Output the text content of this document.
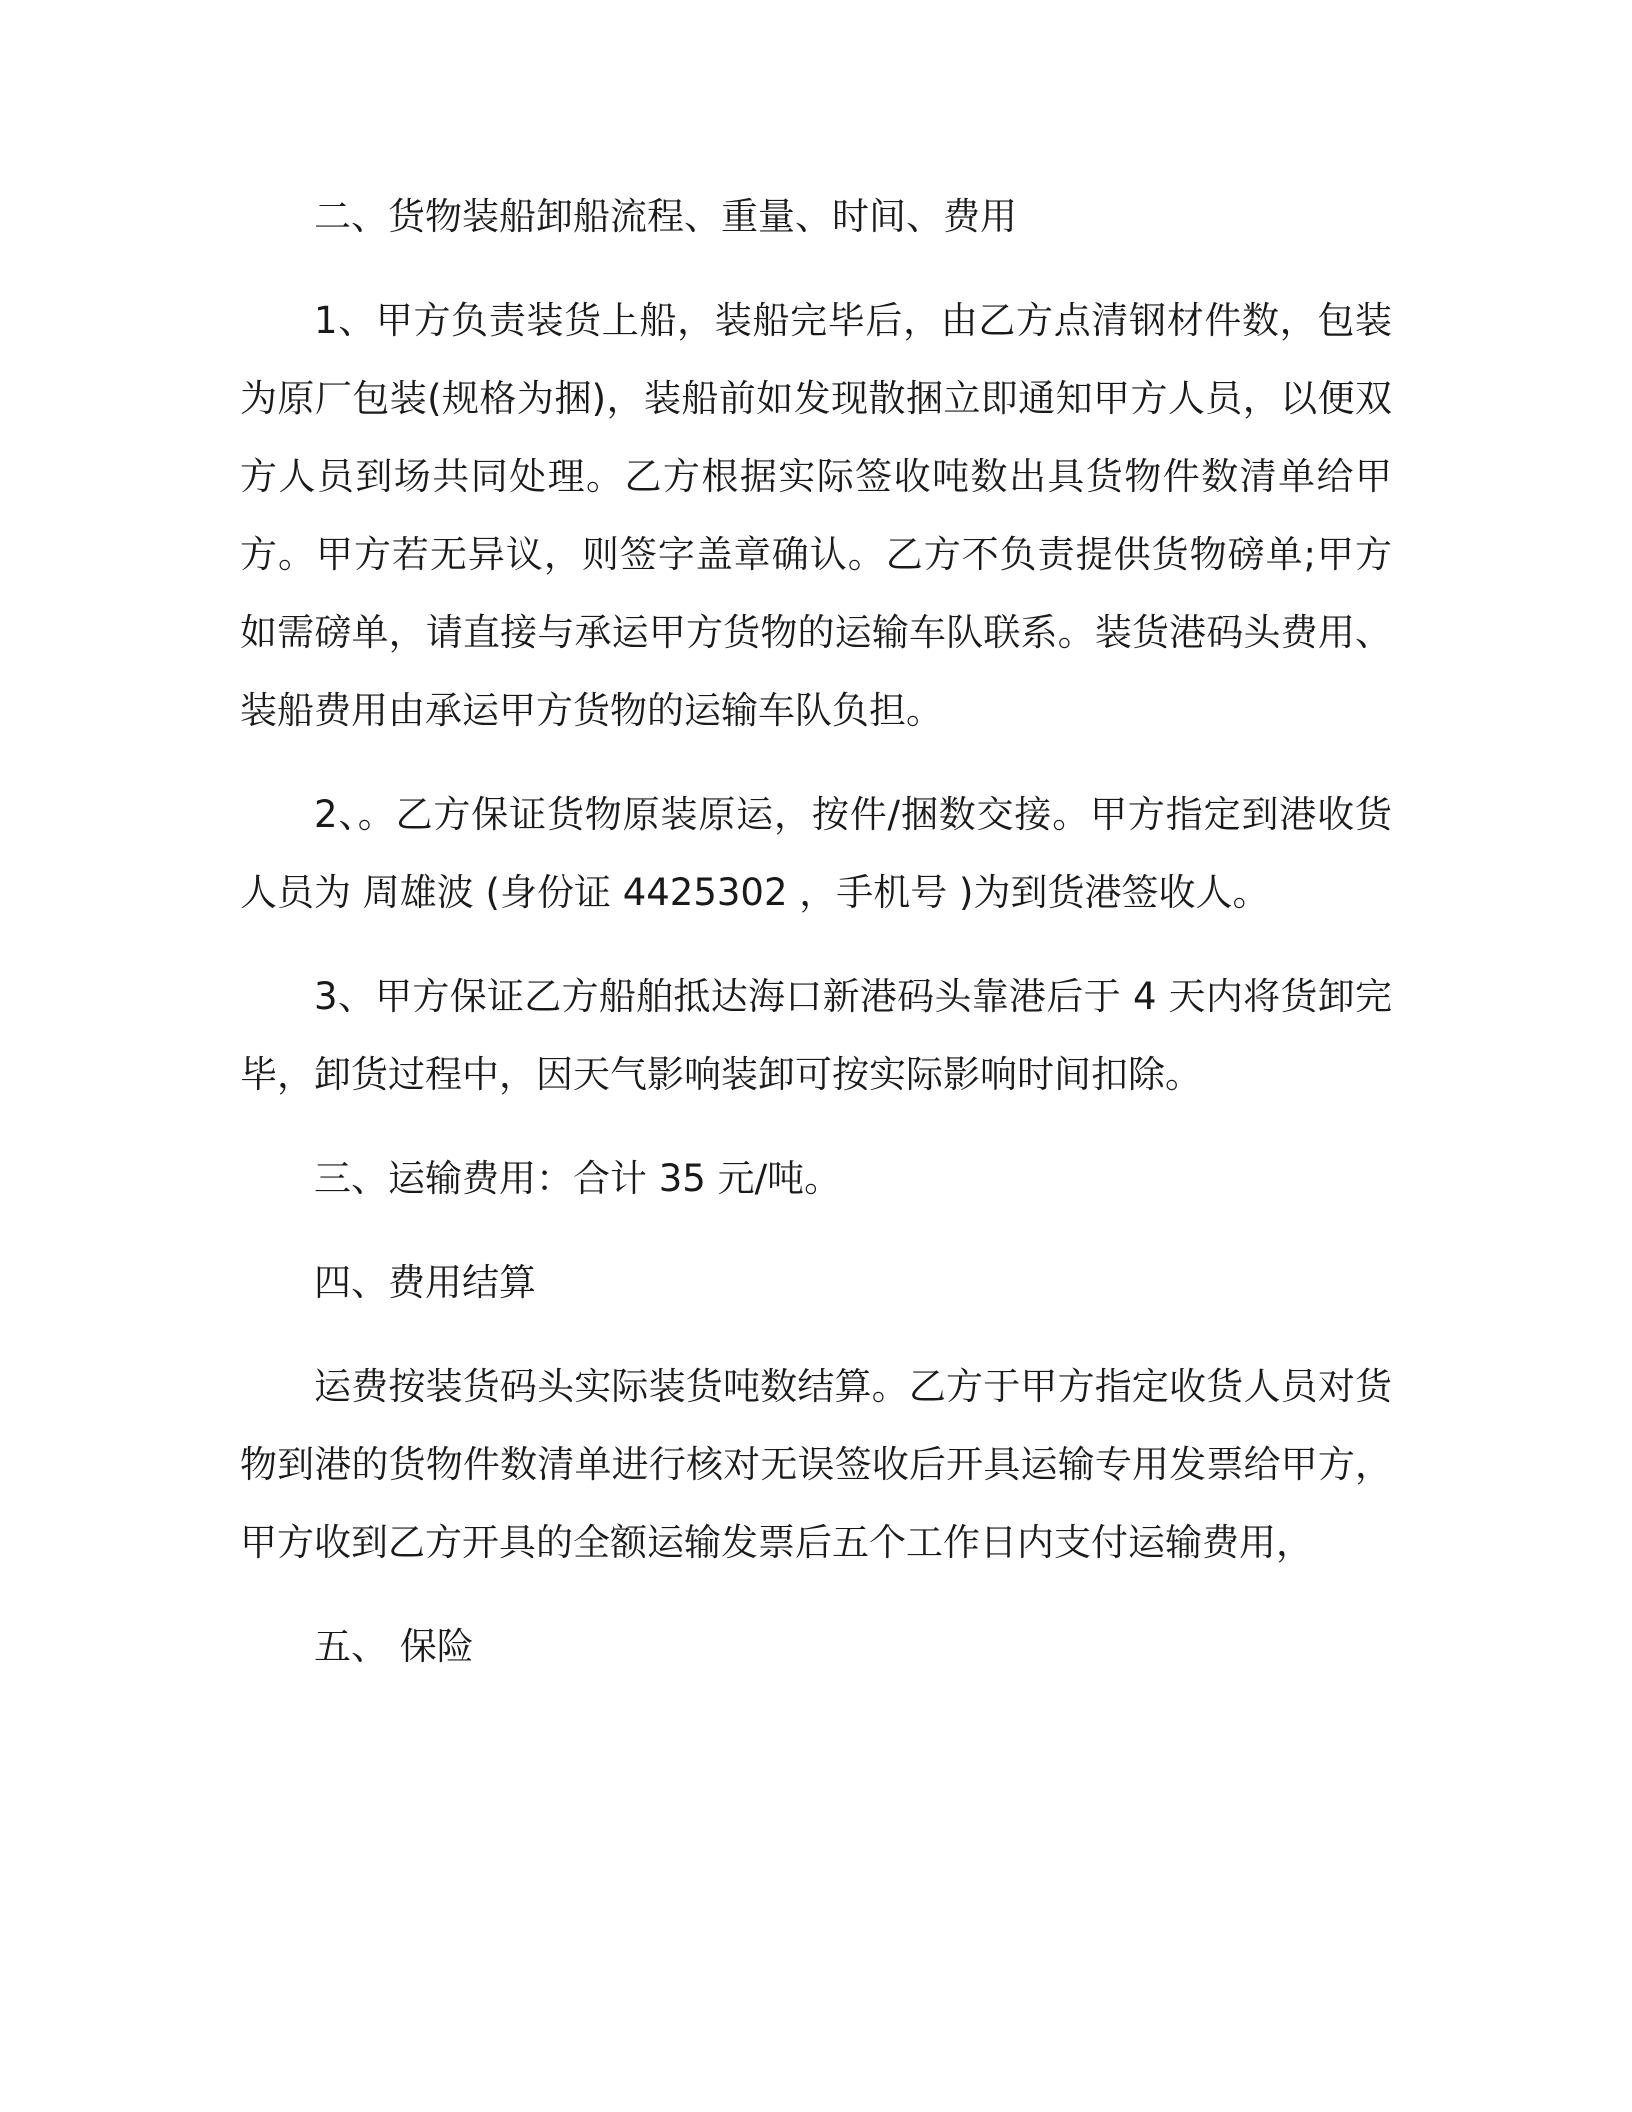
二、货物装船卸船流程、重量、时间、费用

1、甲方负责装货上船，装船完毕后，由乙方点清钢材件数，包装为原厂包装(规格为捆)，装船前如发现散捆立即通知甲方人员，以便双方人员到场共同处理。乙方根据实际签收吨数出具货物件数清单给甲方。甲方若无异议，则签字盖章确认。乙方不负责提供货物磅单;甲方如需磅单，请直接与承运甲方货物的运输车队联系。装货港码头费用、装船费用由承运甲方货物的运输车队负担。

2、。乙方保证货物原装原运，按件/捆数交接。甲方指定到港收货人员为 周雄波 (身份证 4425302 ，手机号 )为到货港签收人。

3、甲方保证乙方船舶抵达海口新港码头靠港后于 4 天内将货卸完毕，卸货过程中，因天气影响装卸可按实际影响时间扣除。

三、运输费用：合计 35 元/吨。

四、费用结算

运费按装货码头实际装货吨数结算。乙方于甲方指定收货人员对货物到港的货物件数清单进行核对无误签收后开具运输专用发票给甲方，甲方收到乙方开具的全额运输发票后五个工作日内支付运输费用，

五、 保险
